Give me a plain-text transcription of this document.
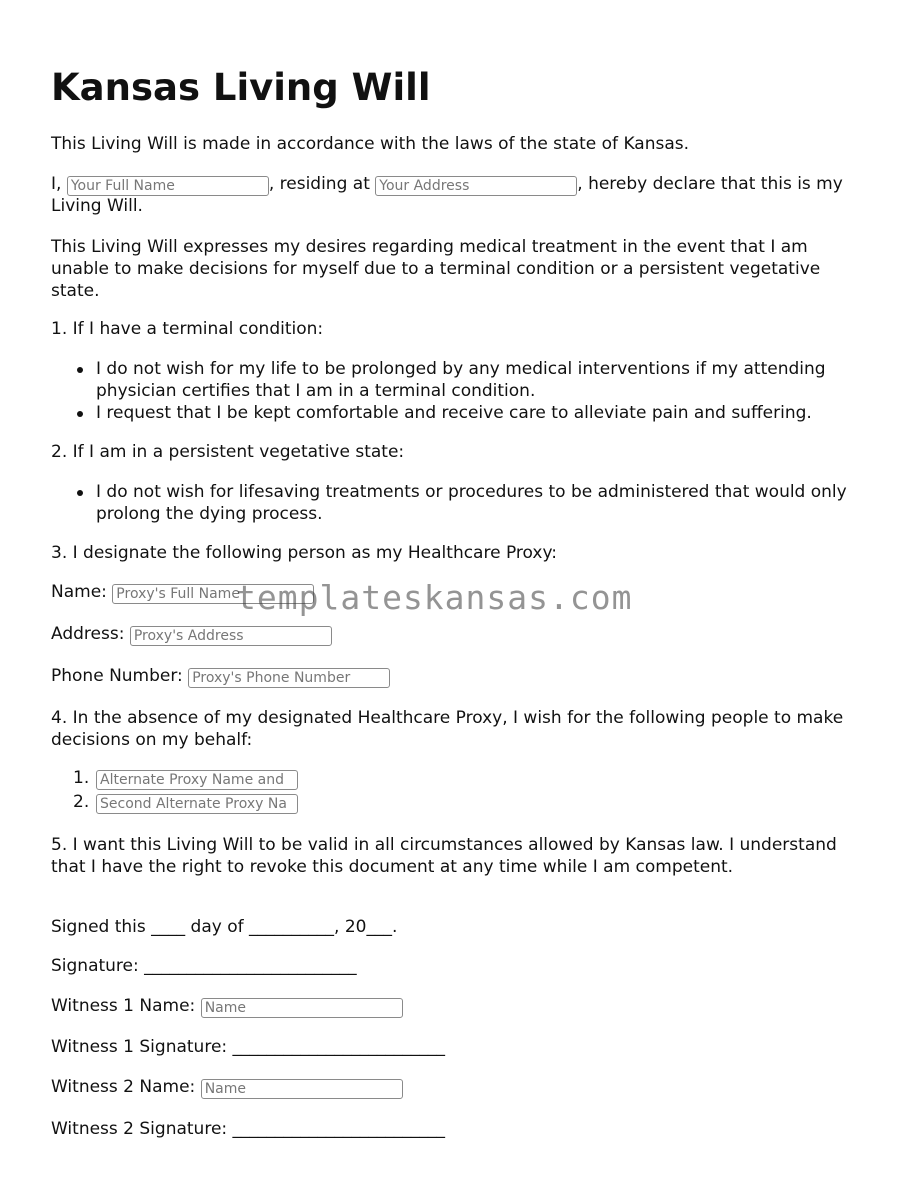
Kansas Living Will

This Living Will is made in accordance with the laws of the state of Kansas.

I, Your Full Name	, residing at Your Address	, hereby declare that this is my Living Will.

This Living Will expresses my desires regarding medical treatment in the event that I am unable to make decisions for myself due to a terminal condition or a persistent vegetative state.

1. If I have a terminal condition:

I do not wish for my life to be prolonged by any medical interventions if my attending physician certifies that I am in a terminal condition.
I request that I be kept comfortable and receive care to alleviate pain and suffering.

2. If I am in a persistent vegetative state:

I do not wish for lifesaving treatments or procedures to be administered that would only prolong the dying process.

3. I designate the following person as my Healthcare Proxy:

Name: Proxy's Full Name

Address: Proxy's Address

Phone Number: Proxy's Phone Number

4. In the absence of my designated Healthcare Proxy, I wish for the following people to make decisions on my behalf:

1.
Alternate Proxy Name and
2.
Second Alternate Proxy Na

5. I want this Living Will to be valid in all circumstances allowed by Kansas law. I understand that I have the right to revoke this document at any time while I am competent.

Signed this ____ day of __________, 20___.

Signature: _________________________

Witness 1 Name: Name

Witness 1 Signature: _________________________

Witness 2 Name: Name

Witness 2 Signature: _________________________

templateskansas.com
